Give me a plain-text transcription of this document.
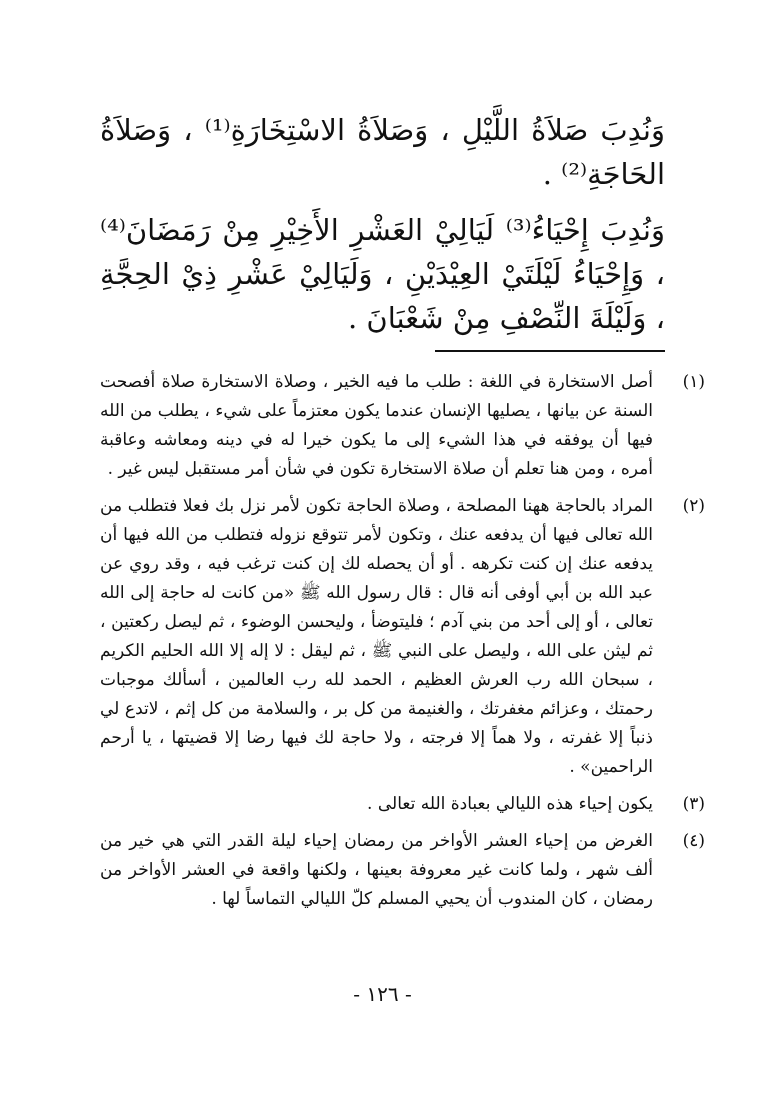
وَنُدِبَ صَلاَةُ اللَّيْلِ ، وَصَلاَةُ الاسْتِخَارَةِ⁽¹⁾ ، وَصَلاَةُ الحَاجَةِ⁽²⁾ .

وَنُدِبَ إِحْيَاءُ⁽³⁾ لَيَالِيْ العَشْرِ الأَخِيْرِ مِنْ رَمَضَانَ⁽⁴⁾ ، وَإِحْيَاءُ لَيْلَتَيْ العِيْدَيْنِ ، وَلَيَالِيْ عَشْرِ ذِيْ الحِجَّةِ ، وَلَيْلَةَ النِّصْفِ مِنْ شَعْبَانَ .

(١)
أصل الاستخارة في اللغة : طلب ما فيه الخير ، وصلاة الاستخارة صلاة أفصحت السنة عن بيانها ، يصليها الإنسان عندما يكون معتزماً على شيء ، يطلب من الله فيها أن يوفقه في هذا الشيء إلى ما يكون خيرا له في دينه ومعاشه وعاقبة أمره ، ومن هنا تعلم أن صلاة الاستخارة تكون في شأن أمر مستقبل ليس غير .
(٢)
المراد بالحاجة ههنا المصلحة ، وصلاة الحاجة تكون لأمر نزل بك فعلا فتطلب من الله تعالى فيها أن يدفعه عنك ، وتكون لأمر تتوقع نزوله فتطلب من الله فيها أن يدفعه عنك إن كنت تكرهه . أو أن يحصله لك إن كنت ترغب فيه ، وقد روي عن عبد الله بن أبي أوفى أنه قال : قال رسول الله ﷺ «من كانت له حاجة إلى الله تعالى ، أو إلى أحد من بني آدم ؛ فليتوضأ ، وليحسن الوضوء ، ثم ليصل ركعتين ، ثم ليثن على الله ، وليصل على النبي ﷺ ، ثم ليقل : لا إله إلا الله الحليم الكريم ، سبحان الله رب العرش العظيم ، الحمد لله رب العالمين ، أسألك موجبات رحمتك ، وعزائم مغفرتك ، والغنيمة من كل بر ، والسلامة من كل إثم ، لاتدع لي ذنباً إلا غفرته ، ولا هماً إلا فرجته ، ولا حاجة لك فيها رضا إلا قضيتها ، يا أرحم الراحمين» .
(٣)
يكون إحياء هذه الليالي بعبادة الله تعالى .
(٤)
الغرض من إحياء العشر الأواخر من رمضان إحياء ليلة القدر التي هي خير من ألف شهر ، ولما كانت غير معروفة بعينها ، ولكنها واقعة في العشر الأواخر من رمضان ، كان المندوب أن يحيي المسلم كلّ الليالي التماساً لها .
- ١٢٦ -
